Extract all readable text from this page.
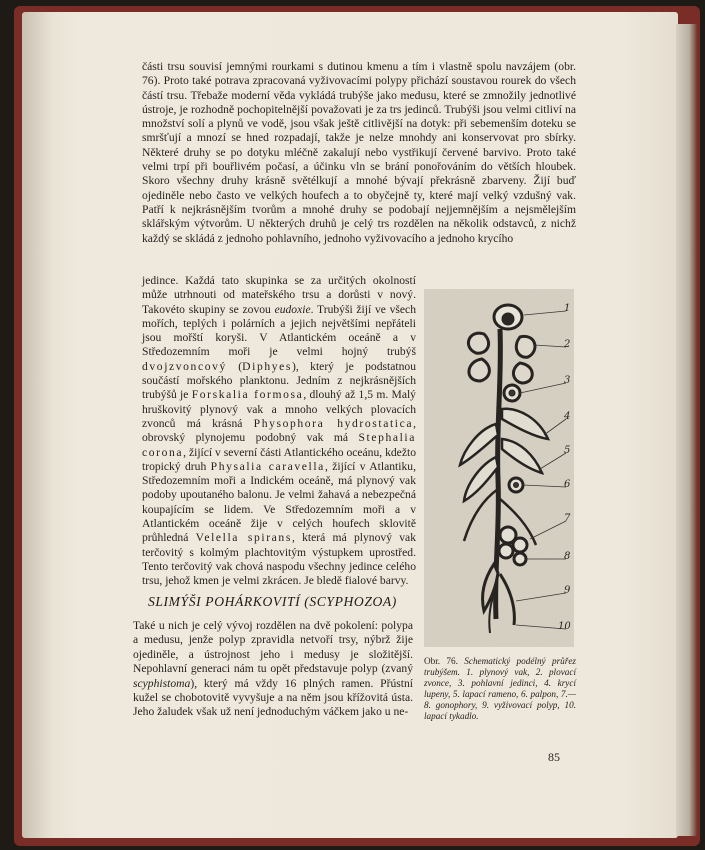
části trsu souvisí jemnými rourkami s dutinou kmenu a tím i vlastně spolu navzájem (obr. 76). Proto také potrava zpracovaná vyživovacími polypy přichází soustavou rourek do všech částí trsu. Třebaže moderní věda vykládá trubýše jako medusu, které se zmnožily jednotlivé ústroje, je rozhodně pochopitelnější považovati je za trs jedinců. Trubýši jsou velmi citliví na množství solí a plynů ve vodě, jsou však ještě citlivější na dotyk: při sebemenším doteku se smršťují a mnozí se hned rozpadají, takže je nelze mnohdy ani konservovat pro sbírky. Některé druhy se po dotyku mléčně zakalují nebo vystřikují červené barvivo. Proto také velmi trpí při bouřlivém počasí, a účinku vln se brání ponořováním do větších hloubek. Skoro všechny druhy krásně světélkují a mnohé bývají překrásně zbarveny. Žijí buď ojediněle nebo často ve velkých houfech a to obyčejně ty, které mají velký vzdušný vak. Patří k nejkrásnějším tvorům a mnohé druhy se podobají nejjemnějším a nejsmělejším sklářským výtvorům. U některých druhů je celý trs rozdělen na několik odstavců, z nichž každý se skládá z jednoho pohlavního, jednoho vyživovacího a jednoho krycího

jedince. Každá tato skupinka se za určitých okolností může utrhnouti od mateřského trsu a dorůsti v nový. Takovéto skupiny se zovou eudoxie. Trubýši žijí ve všech mořích, teplých i polárních a jejich největšími nepřáteli jsou mořští koryši. V Atlantickém oceáně a v Středozemním moři je velmi hojný trubýš dvojzvoncový (Diphyes), který je podstatnou součástí mořského planktonu. Jedním z nejkrásnějších trubýšů je Forskalia formosa, dlouhý až 1,5 m. Malý hruškovitý plynový vak a mnoho velkých plovacích zvonců má krásná Physophora hydrostatica, obrovský plynojemu podobný vak má Stephalia corona, žijící v severní části Atlantického oceánu, kdežto tropický druh Physalia caravella, žijící v Atlantiku, Středozemním moři a Indickém oceáně, má plynový vak podoby upoutaného balonu. Je velmi žahavá a nebezpečná koupajícím se lidem. Ve Středozemním moři a v Atlantickém oceáně žije v celých houfech sklovitě průhledná Velella spirans, která má plynový vak terčovitý s kolmým plachtovitým výstupkem uprostřed. Tento terčovitý vak chová naspodu všechny jedince celého trsu, jehož kmen je velmi zkrácen. Je bledě fialové barvy.
SLIMÝŠI POHÁRKOVITÍ (SCYPHOZOA)
Také u nich je celý vývoj rozdělen na dvě pokolení: polypa a medusu, jenže polyp zpravidla netvoří trsy, nýbrž žije ojediněle, a ústrojnost jeho i medusy je složitější. Nepohlavní generaci nám tu opět představuje polyp (zvaný scyphistoma), který má vždy 16 plných ramen. Přústní kužel se chobotovitě vyvyšuje a na něm jsou křížovitá ústa. Jeho žaludek však už není jednoduchým váčkem jako u ne-
1
2
3
4
5
6
7
8
9
10
Obr. 76. Schematický podélný průřez trubýšem. 1. plynový vak, 2. plovací zvonce, 3. pohlavní jedinci, 4. krycí lupeny, 5. lapací rameno, 6. palpon, 7.—8. gonophory, 9. vyživovací polyp, 10. lapací tykadlo.
85
